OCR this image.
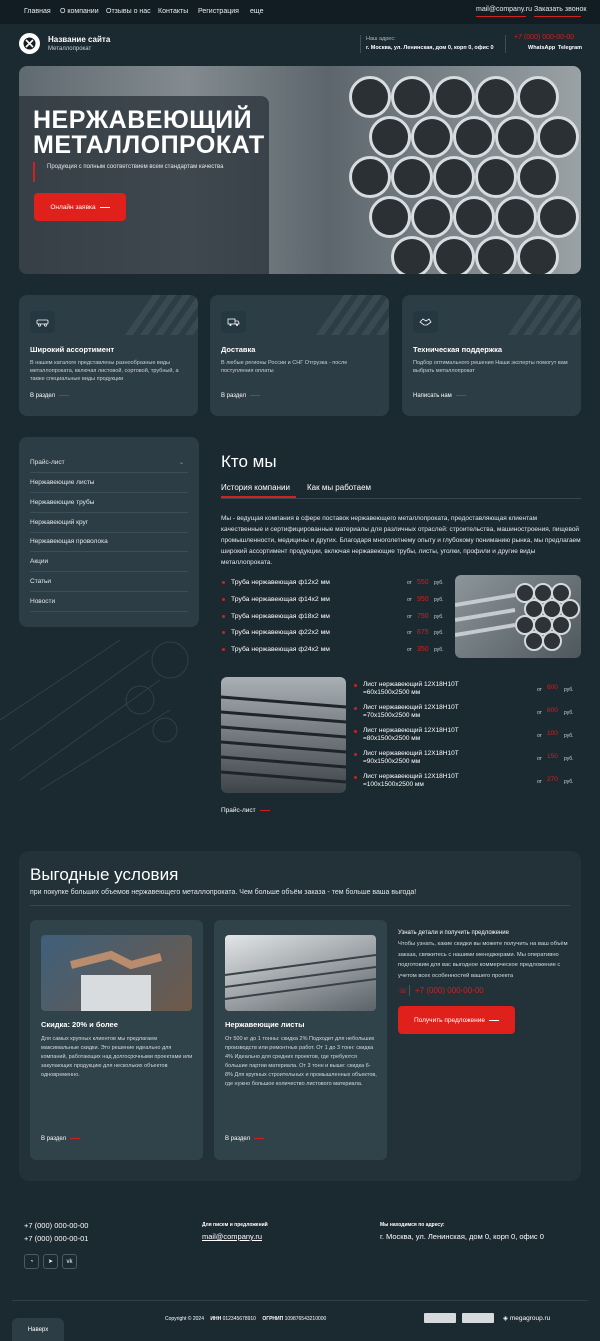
Главная О компании Отзывы о нас Контакты Регистрация еще	mail@company.ru Заказать звонок
Название сайта
Металлопрокат
Наш адрес:
г. Москва, ул. Ленинская, дом 0, корп 0, офис 0
+7 (000) 000-00-00
WhatsApp Telegram
НЕРЖАВЕЮЩИЙ
МЕТАЛЛОПРОКАТ
Продукция с полным соответствием всем стандартам качества
Онлайн заявка
Широкий ассортимент
В нашем каталоге представлены разнообразные виды металлопроката, включая листовой, сортовой, трубный, а также специальные виды продукции
В раздел
Доставка
В любые регионы России и СНГ Отгрузка - после поступления оплаты
В раздел
Техническая поддержка
Подбор оптимального решения Наши эксперты помогут вам выбрать металлопрокат
Написать нам
Прайс-лист	⌄
Нержавеющие листы
Нержавеющие трубы
Нержавеющий круг
Нержавеющая проволока
Акции
Статьи
Новости
Кто мы
История компании Как мы работаем
Мы - ведущая компания в сфере поставок нержавеющего металлопроката, предоставляющая клиентам качественные и сертифицированные материалы для различных отраслей: строительства, машиностроения, пищевой промышленности, медицины и других. Благодаря многолетнему опыту и глубокому пониманию рынка, мы предлагаем широкий ассортимент продукции, включая нержавеющие трубы, листы, уголки, профили и другие виды металлопроката.
Труба нержавеющая ф12x2 мм	от 550 руб.
Труба нержавеющая ф14x2 мм	от 950 руб.
Труба нержавеющая ф18x2 мм	от 750 руб.
Труба нержавеющая ф22x2 мм	от 675 руб.
Труба нержавеющая ф24x2 мм	от 350 руб.
Лист нержавеющий 12Х18Н10Т
=60x1500x2500 мм	от 600 руб.
Лист нержавеющий 12Х18Н10Т
=70x1500x2500 мм	от 600 руб.
Лист нержавеющий 12Х18Н10Т
=80x1500x2500 мм	от 100 руб.
Лист нержавеющий 12Х18Н10Т
=90x1500x2500 мм	от 150 руб.
Лист нержавеющий 12Х18Н10Т
=100x1500x2500 мм	от 270 руб.
Прайс-лист
Выгодные условия
при покупке больших объемов нержавеющего металлопроката. Чем больше объём заказа - тем больше ваша выгода!
Скидка: 20% и более
Для самых крупных клиентов мы предлагаем максимальные скидки. Это решение идеально для компаний, работающих над долгосрочными проектами или закупающих продукцию для нескольких объектов одновременно.
В раздел
Нержавеющие листы
От 500 кг до 1 тонны: скидка 2% Подходит для небольших производств или ремонтных работ. От 1 до 3 тонн: скидка 4% Идеально для средних проектов, где требуются большие партии материала. От 3 тонн и выше: скидка 6-8% Для крупных строительных и промышленных объектов, где нужно большое количество листового материала.
В раздел
Узнать детали и получить предложение
Чтобы узнать, какие скидки вы можете получить на ваш объём заказа, свяжитесь с нашими менеджерами. Мы оперативно подготовим для вас выгодное коммерческое предложение с учетом всех особенностей вашего проекта
☏ +7 (000) 000-00-00
Получить предложение
+7 (000) 000-00-00
+7 (000) 000-00-01
◔	➤	vk
Для писем и предложений
mail@company.ru
Мы находимся по адресу:
г. Москва, ул. Ленинская, дом 0, корп 0, офис 0
Copyright © 2024 ИНН 012345678910 ОГРНИП 109876543210000	◈ megagroup.ru
Наверх
